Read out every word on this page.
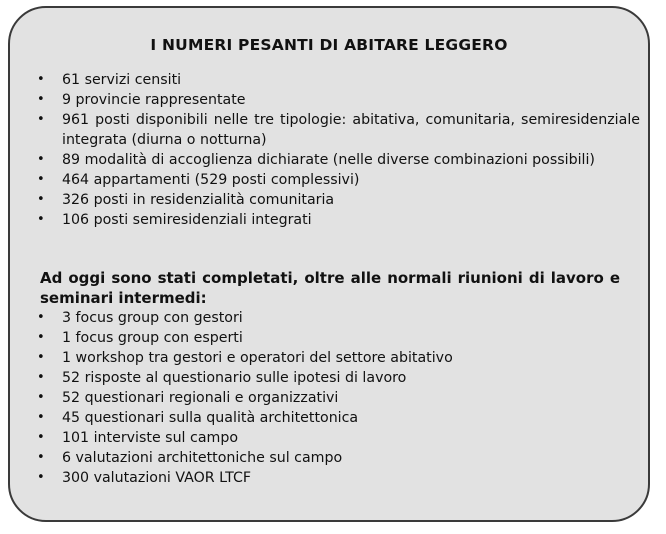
I NUMERI PESANTI DI ABITARE LEGGERO
• 61 servizi censiti
• 9 provincie rappresentate
• 961 posti disponibili nelle tre tipologie: abitativa, comunitaria, semiresidenziale integrata (diurna o notturna)
• 89 modalità di accoglienza dichiarate (nelle diverse combinazioni possibili)
• 464 appartamenti (529 posti complessivi)
• 326 posti in residenzialità comunitaria
• 106 posti semiresidenziali integrati
Ad oggi sono stati completati, oltre alle normali riunioni di lavoro e seminari intermedi:
• 3 focus group con gestori
• 1 focus group con esperti
• 1 workshop tra gestori e operatori del settore abitativo
• 52 risposte al questionario sulle ipotesi di lavoro
• 52 questionari regionali e organizzativi
• 45 questionari sulla qualità architettonica
• 101 interviste sul campo
• 6 valutazioni architettoniche sul campo
• 300 valutazioni VAOR LTCF
